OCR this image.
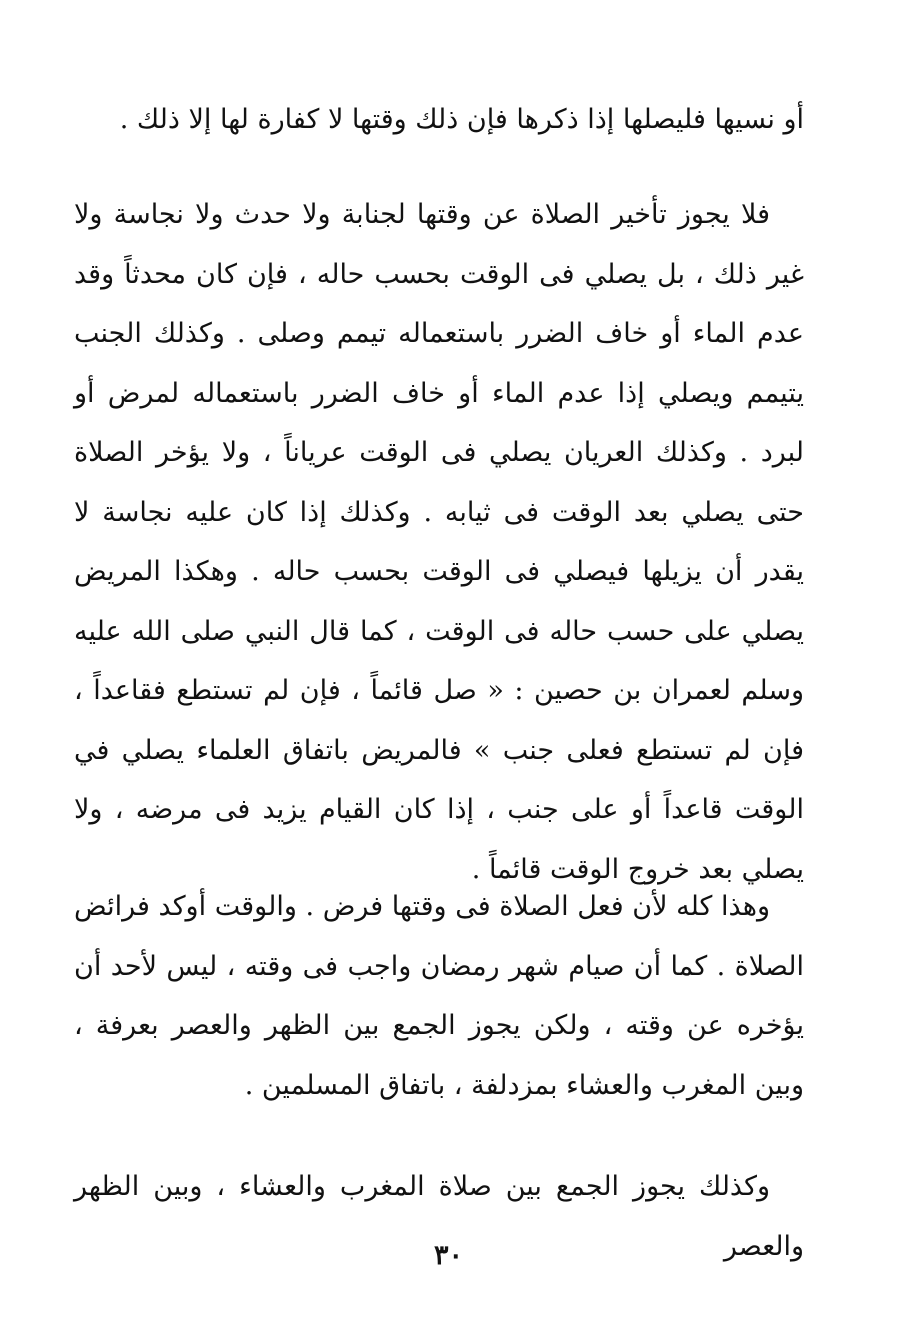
أو نسيها فليصلها إذا ذكرها فإن ذلك وقتها لا كفارة لها إلا ذلك .

فلا يجوز تأخير الصلاة عن وقتها لجنابة ولا حدث ولا نجاسة ولا غير ذلك ، بل يصلي فى الوقت بحسب حاله ، فإن كان محدثاً وقد عدم الماء أو خاف الضرر باستعماله تيمم وصلى . وكذلك الجنب يتيمم ويصلي إذا عدم الماء أو خاف الضرر باستعماله لمرض أو لبرد . وكذلك العريان يصلي فى الوقت عرياناً ، ولا يؤخر الصلاة حتى يصلي بعد الوقت فى ثيابه . وكذلك إذا كان عليه نجاسة لا يقدر أن يزيلها فيصلي فى الوقت بحسب حاله . وهكذا المريض يصلي على حسب حاله فى الوقت ، كما قال النبي صلى الله عليه وسلم لعمران بن حصين : « صل قائماً ، فإن لم تستطع فقاعداً ، فإن لم تستطع فعلى جنب » فالمريض باتفاق العلماء يصلي في الوقت قاعداً أو على جنب ، إذا كان القيام يزيد فى مرضه ، ولا يصلي بعد خروج الوقت قائماً .

وهذا كله لأن فعل الصلاة فى وقتها فرض . والوقت أوكد فرائض الصلاة . كما أن صيام شهر رمضان واجب فى وقته ، ليس لأحد أن يؤخره عن وقته ، ولكن يجوز الجمع بين الظهر والعصر بعرفة ، وبين المغرب والعشاء بمزدلفة ، باتفاق المسلمين .

وكذلك يجوز الجمع بين صلاة المغرب والعشاء ، وبين الظهر والعصر

٣٠
